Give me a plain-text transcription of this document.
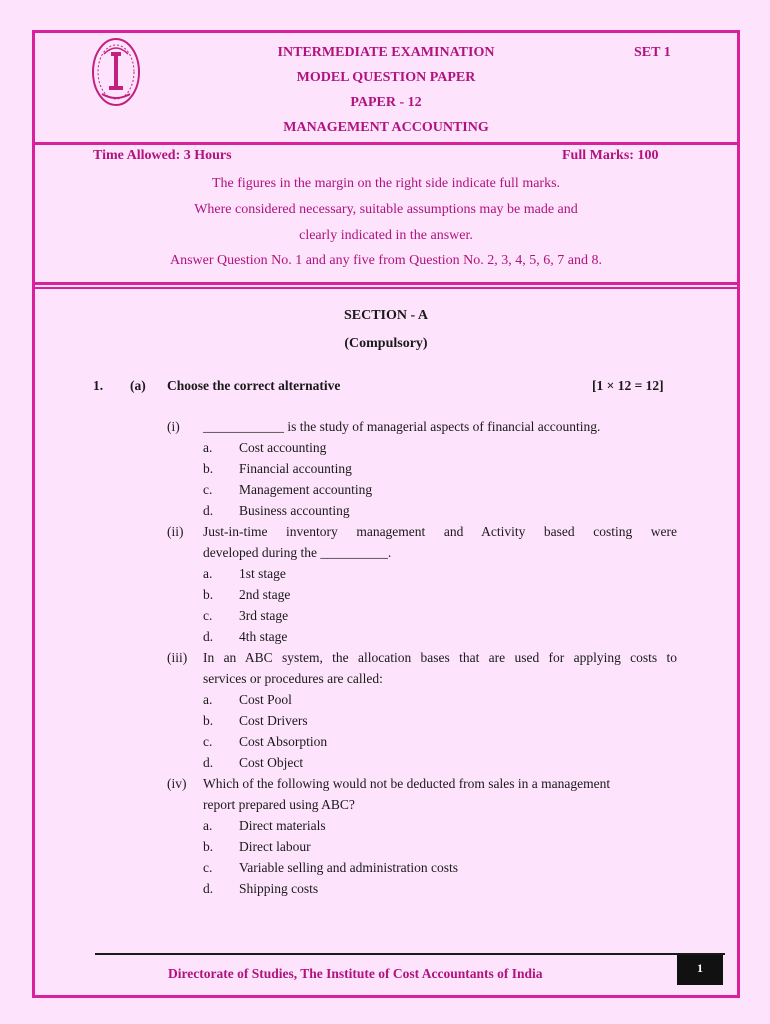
INTERMEDIATE EXAMINATION	SET 1
MODEL QUESTION PAPER
PAPER - 12
MANAGEMENT ACCOUNTING
Time Allowed: 3 Hours	Full Marks: 100
The figures in the margin on the right side indicate full marks.
Where considered necessary, suitable assumptions may be made and
clearly indicated in the answer.
Answer Question No. 1 and any five from Question No. 2, 3, 4, 5, 6, 7 and 8.
SECTION - A
(Compulsory)
1. (a) Choose the correct alternative	[1 × 12 = 12]
(i) ____________ is the study of managerial aspects of financial accounting.
a. Cost accounting
b. Financial accounting
c. Management accounting
d. Business accounting
(ii) Just-in-time inventory management and Activity based costing were
developed during the __________.
a. 1st stage
b. 2nd stage
c. 3rd stage
d. 4th stage
(iii) In an ABC system, the allocation bases that are used for applying costs to
services or procedures are called:
a. Cost Pool
b. Cost Drivers
c. Cost Absorption
d. Cost Object
(iv) Which of the following would not be deducted from sales in a management
report prepared using ABC?
a. Direct materials
b. Direct labour
c. Variable selling and administration costs
d. Shipping costs
Directorate of Studies, The Institute of Cost Accountants of India	1
